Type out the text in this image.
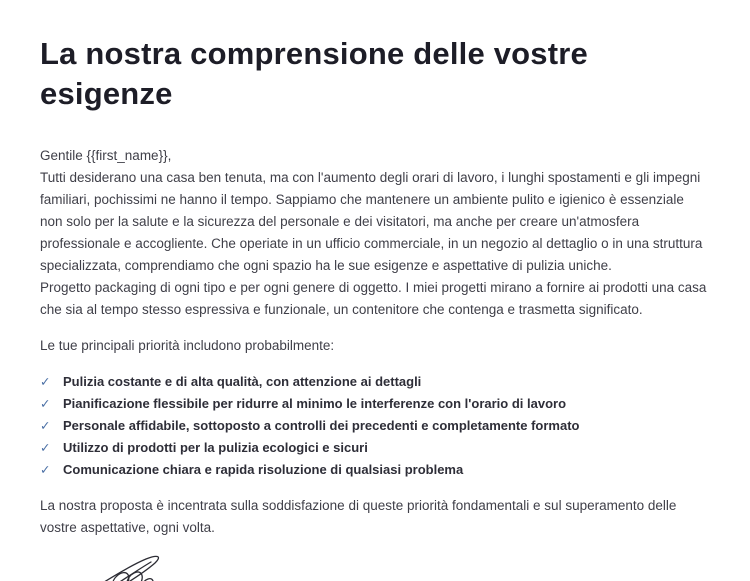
La nostra comprensione delle vostre esigenze

Gentile {{first_name}},

Tutti desiderano una casa ben tenuta, ma con l'aumento degli orari di lavoro, i lunghi spostamenti e gli impegni familiari, pochissimi ne hanno il tempo. Sappiamo che mantenere un ambiente pulito e igienico è essenziale non solo per la salute e la sicurezza del personale e dei visitatori, ma anche per creare un'atmosfera professionale e accogliente. Che operiate in un ufficio commerciale, in un negozio al dettaglio o in una struttura specializzata, comprendiamo che ogni spazio ha le sue esigenze e aspettative di pulizia uniche.

Progetto packaging di ogni tipo e per ogni genere di oggetto. I miei progetti mirano a fornire ai prodotti una casa che sia al tempo stesso espressiva e funzionale, un contenitore che contenga e trasmetta significato.

Le tue principali priorità includono probabilmente:

✓ Pulizia costante e di alta qualità, con attenzione ai dettagli
✓ Pianificazione flessibile per ridurre al minimo le interferenze con l'orario di lavoro
✓ Personale affidabile, sottoposto a controlli dei precedenti e completamente formato
✓ Utilizzo di prodotti per la pulizia ecologici e sicuri
✓ Comunicazione chiara e rapida risoluzione di qualsiasi problema

La nostra proposta è incentrata sulla soddisfazione di queste priorità fondamentali e sul superamento delle vostre aspettative, ogni volta.
